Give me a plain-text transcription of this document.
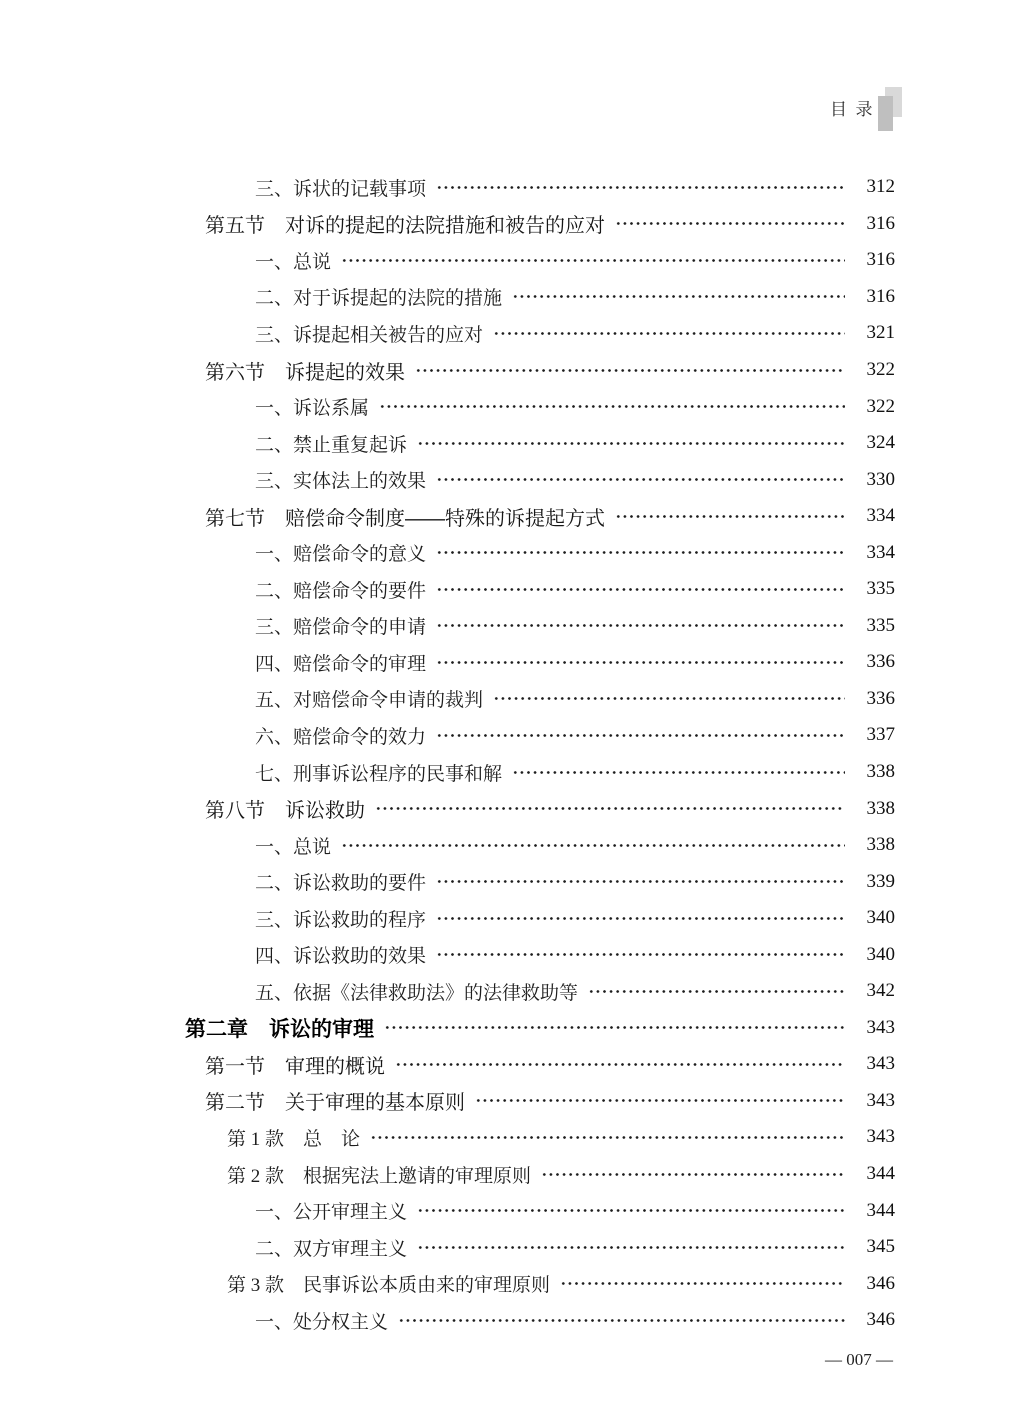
目  录
三、诉状的记载事项	312
第五节　对诉的提起的法院措施和被告的应对	316
一、总说	316
二、对于诉提起的法院的措施	316
三、诉提起相关被告的应对	321
第六节　诉提起的效果	322
一、诉讼系属	322
二、禁止重复起诉	324
三、实体法上的效果	330
第七节　赔偿命令制度——特殊的诉提起方式	334
一、赔偿命令的意义	334
二、赔偿命令的要件	335
三、赔偿命令的申请	335
四、赔偿命令的审理	336
五、对赔偿命令申请的裁判	336
六、赔偿命令的效力	337
七、刑事诉讼程序的民事和解	338
第八节　诉讼救助	338
一、总说	338
二、诉讼救助的要件	339
三、诉讼救助的程序	340
四、诉讼救助的效果	340
五、依据《法律救助法》的法律救助等	342
第二章　诉讼的审理	343
第一节　审理的概说	343
第二节　关于审理的基本原则	343
第 1 款　总　论	343
第 2 款　根据宪法上邀请的审理原则	344
一、公开审理主义	344
二、双方审理主义	345
第 3 款　民事诉讼本质由来的审理原则	346
一、处分权主义	346

— 007 —
